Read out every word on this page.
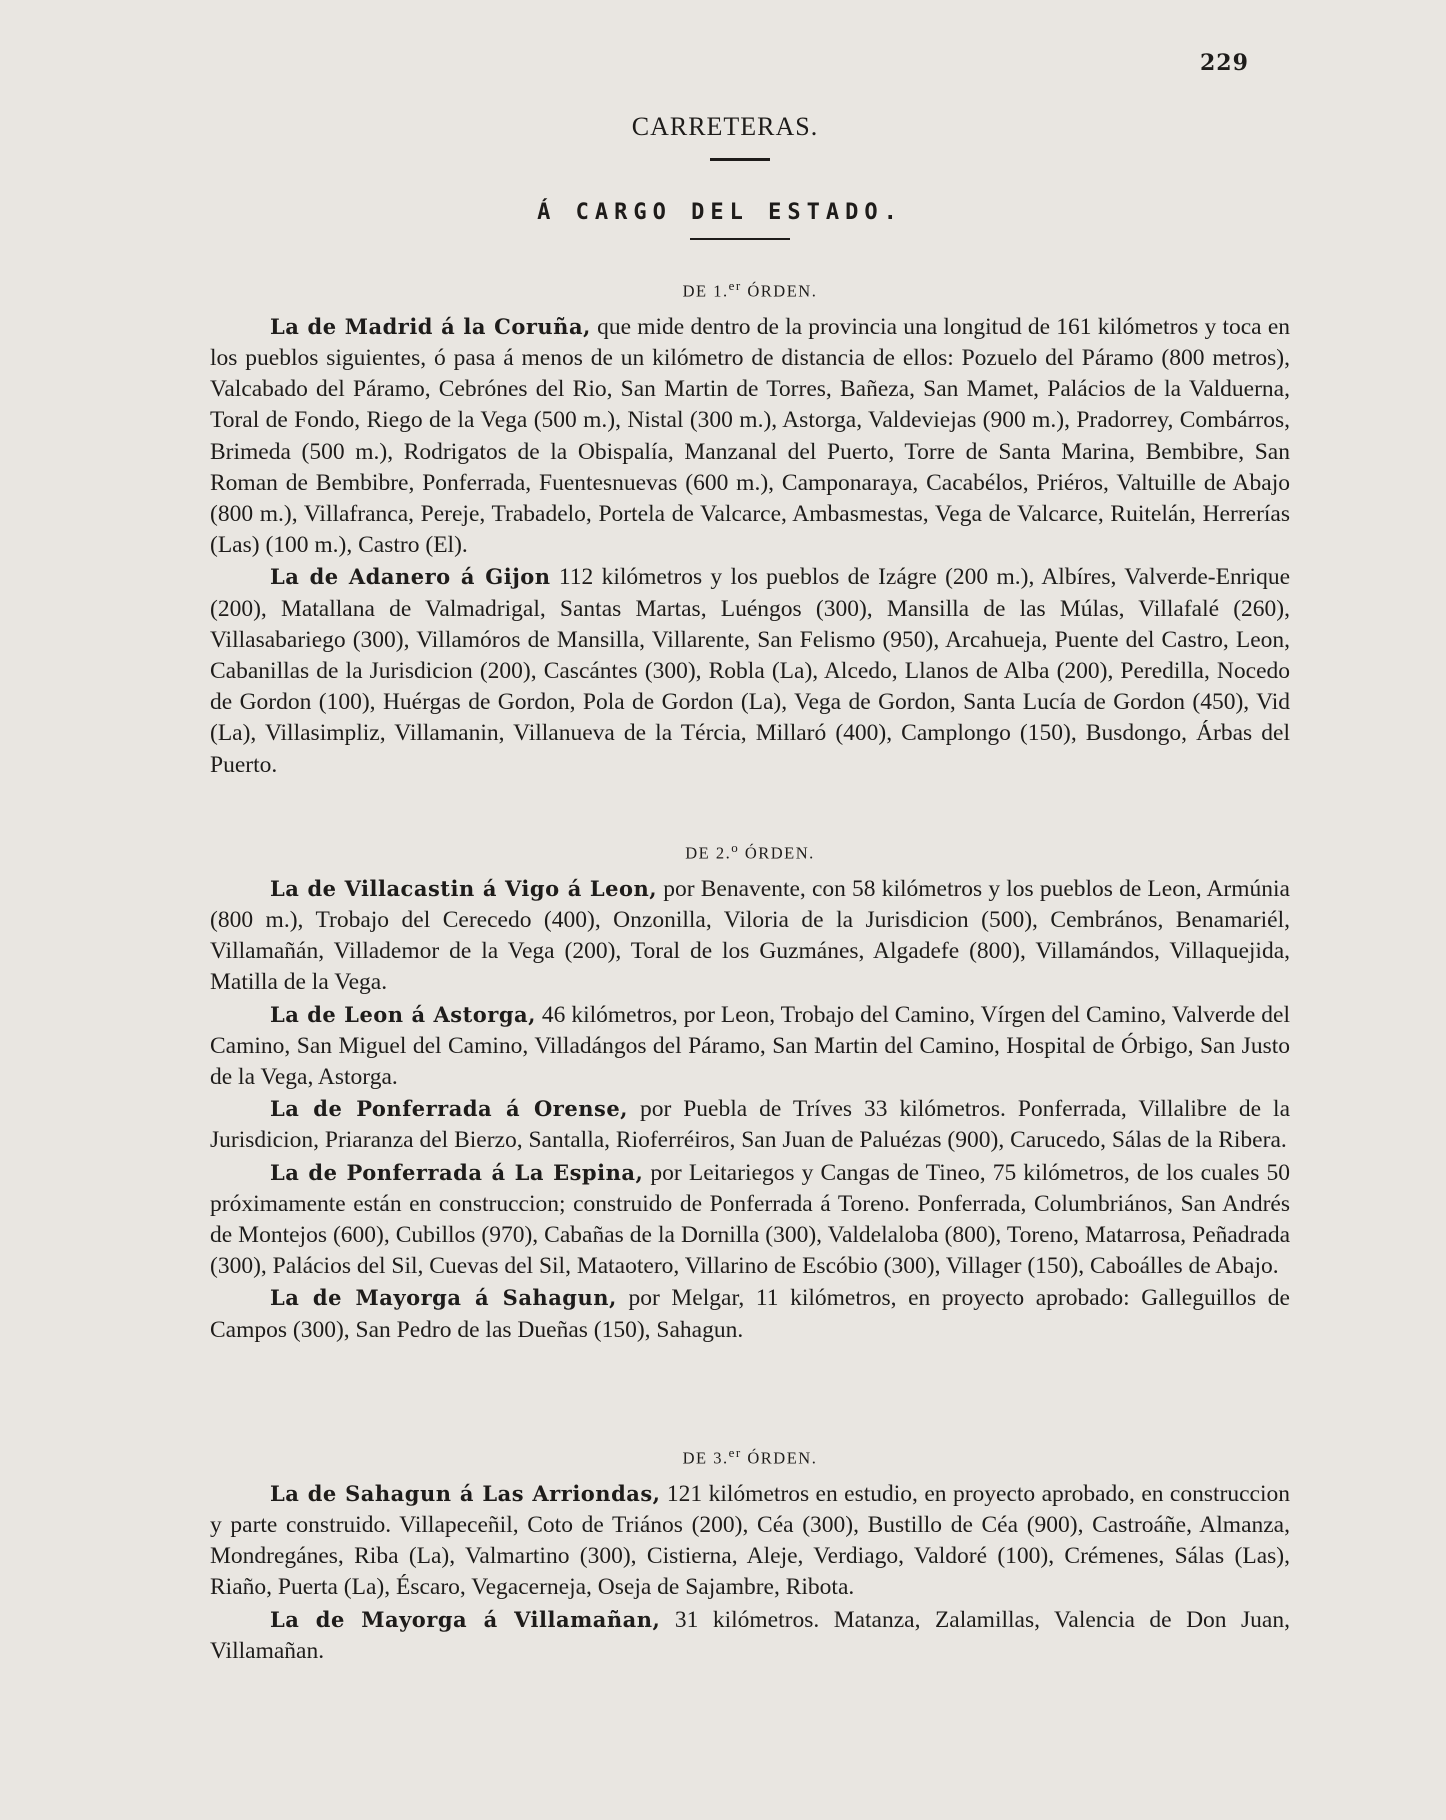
229
CARRETERAS.
Á CARGO DEL ESTADO.
DE 1.$^{er}$ ÓRDEN.

La de Madrid á la Coruña, que mide dentro de la provincia una longitud de 161 kilómetros y toca en los pueblos siguientes, ó pasa á menos de un kilómetro de distancia de ellos: Pozuelo del Páramo (800 metros), Valcabado del Páramo, Cebrónes del Rio, San Martin de Torres, Bañeza, San Mamet, Palácios de la Valduerna, Toral de Fondo, Riego de la Vega (500 m.), Nistal (300 m.), Astorga, Valdeviejas (900 m.), Pradorrey, Combárros, Brimeda (500 m.), Rodrigatos de la Obispalía, Manzanal del Puerto, Torre de Santa Marina, Bembibre, San Roman de Bembibre, Ponferrada, Fuentesnuevas (600 m.), Camponaraya, Cacabélos, Priéros, Valtuille de Abajo (800 m.), Villafranca, Pereje, Trabadelo, Portela de Valcarce, Ambasmestas, Vega de Valcarce, Ruitelán, Herrerías (Las) (100 m.), Castro (El).

La de Adanero á Gijon 112 kilómetros y los pueblos de Izágre (200 m.), Albíres, Valverde-Enrique (200), Matallana de Valmadrigal, Santas Martas, Luéngos (300), Mansilla de las Múlas, Villafalé (260), Villasabariego (300), Villamóros de Mansilla, Villarente, San Felismo (950), Arcahueja, Puente del Castro, Leon, Cabanillas de la Jurisdicion (200), Cascántes (300), Robla (La), Alcedo, Llanos de Alba (200), Peredilla, Nocedo de Gordon (100), Huérgas de Gordon, Pola de Gordon (La), Vega de Gordon, Santa Lucía de Gordon (450), Vid (La), Villasimpliz, Villamanin, Villanueva de la Tércia, Millaró (400), Camplongo (150), Busdongo, Árbas del Puerto.

DE 2.$^o$ ÓRDEN.

La de Villacastin á Vigo á Leon, por Benavente, con 58 kilómetros y los pueblos de Leon, Armúnia (800 m.), Trobajo del Cerecedo (400), Onzonilla, Viloria de la Jurisdicion (500), Cembrános, Benamariél, Villamañán, Villademor de la Vega (200), Toral de los Guzmánes, Algadefe (800), Villamándos, Villaquejida, Matilla de la Vega.

La de Leon á Astorga, 46 kilómetros, por Leon, Trobajo del Camino, Vírgen del Camino, Valverde del Camino, San Miguel del Camino, Villadángos del Páramo, San Martin del Camino, Hospital de Órbigo, San Justo de la Vega, Astorga.

La de Ponferrada á Orense, por Puebla de Tríves 33 kilómetros. Ponferrada, Villalibre de la Jurisdicion, Priaranza del Bierzo, Santalla, Rioferréiros, San Juan de Paluézas (900), Carucedo, Sálas de la Ribera.

La de Ponferrada á La Espina, por Leitariegos y Cangas de Tineo, 75 kilómetros, de los cuales 50 próximamente están en construccion; construido de Ponferrada á Toreno. Ponferrada, Columbriános, San Andrés de Montejos (600), Cubillos (970), Cabañas de la Dornilla (300), Valdelaloba (800), Toreno, Matarrosa, Peñadrada (300), Palácios del Sil, Cuevas del Sil, Mataotero, Villarino de Escóbio (300), Villager (150), Caboálles de Abajo.

La de Mayorga á Sahagun, por Melgar, 11 kilómetros, en proyecto aprobado: Galleguillos de Campos (300), San Pedro de las Dueñas (150), Sahagun.

DE 3.$^{er}$ ÓRDEN.

La de Sahagun á Las Arriondas, 121 kilómetros en estudio, en proyecto aprobado, en construccion y parte construido. Villapeceñil, Coto de Triános (200), Céa (300), Bustillo de Céa (900), Castroáñe, Almanza, Mondregánes, Riba (La), Valmartino (300), Cistierna, Aleje, Verdiago, Valdoré (100), Crémenes, Sálas (Las), Riaño, Puerta (La), Éscaro, Vegacerneja, Oseja de Sajambre, Ribota.

La de Mayorga á Villamañan, 31 kilómetros. Matanza, Zalamillas, Valencia de Don Juan, Villamañan.
